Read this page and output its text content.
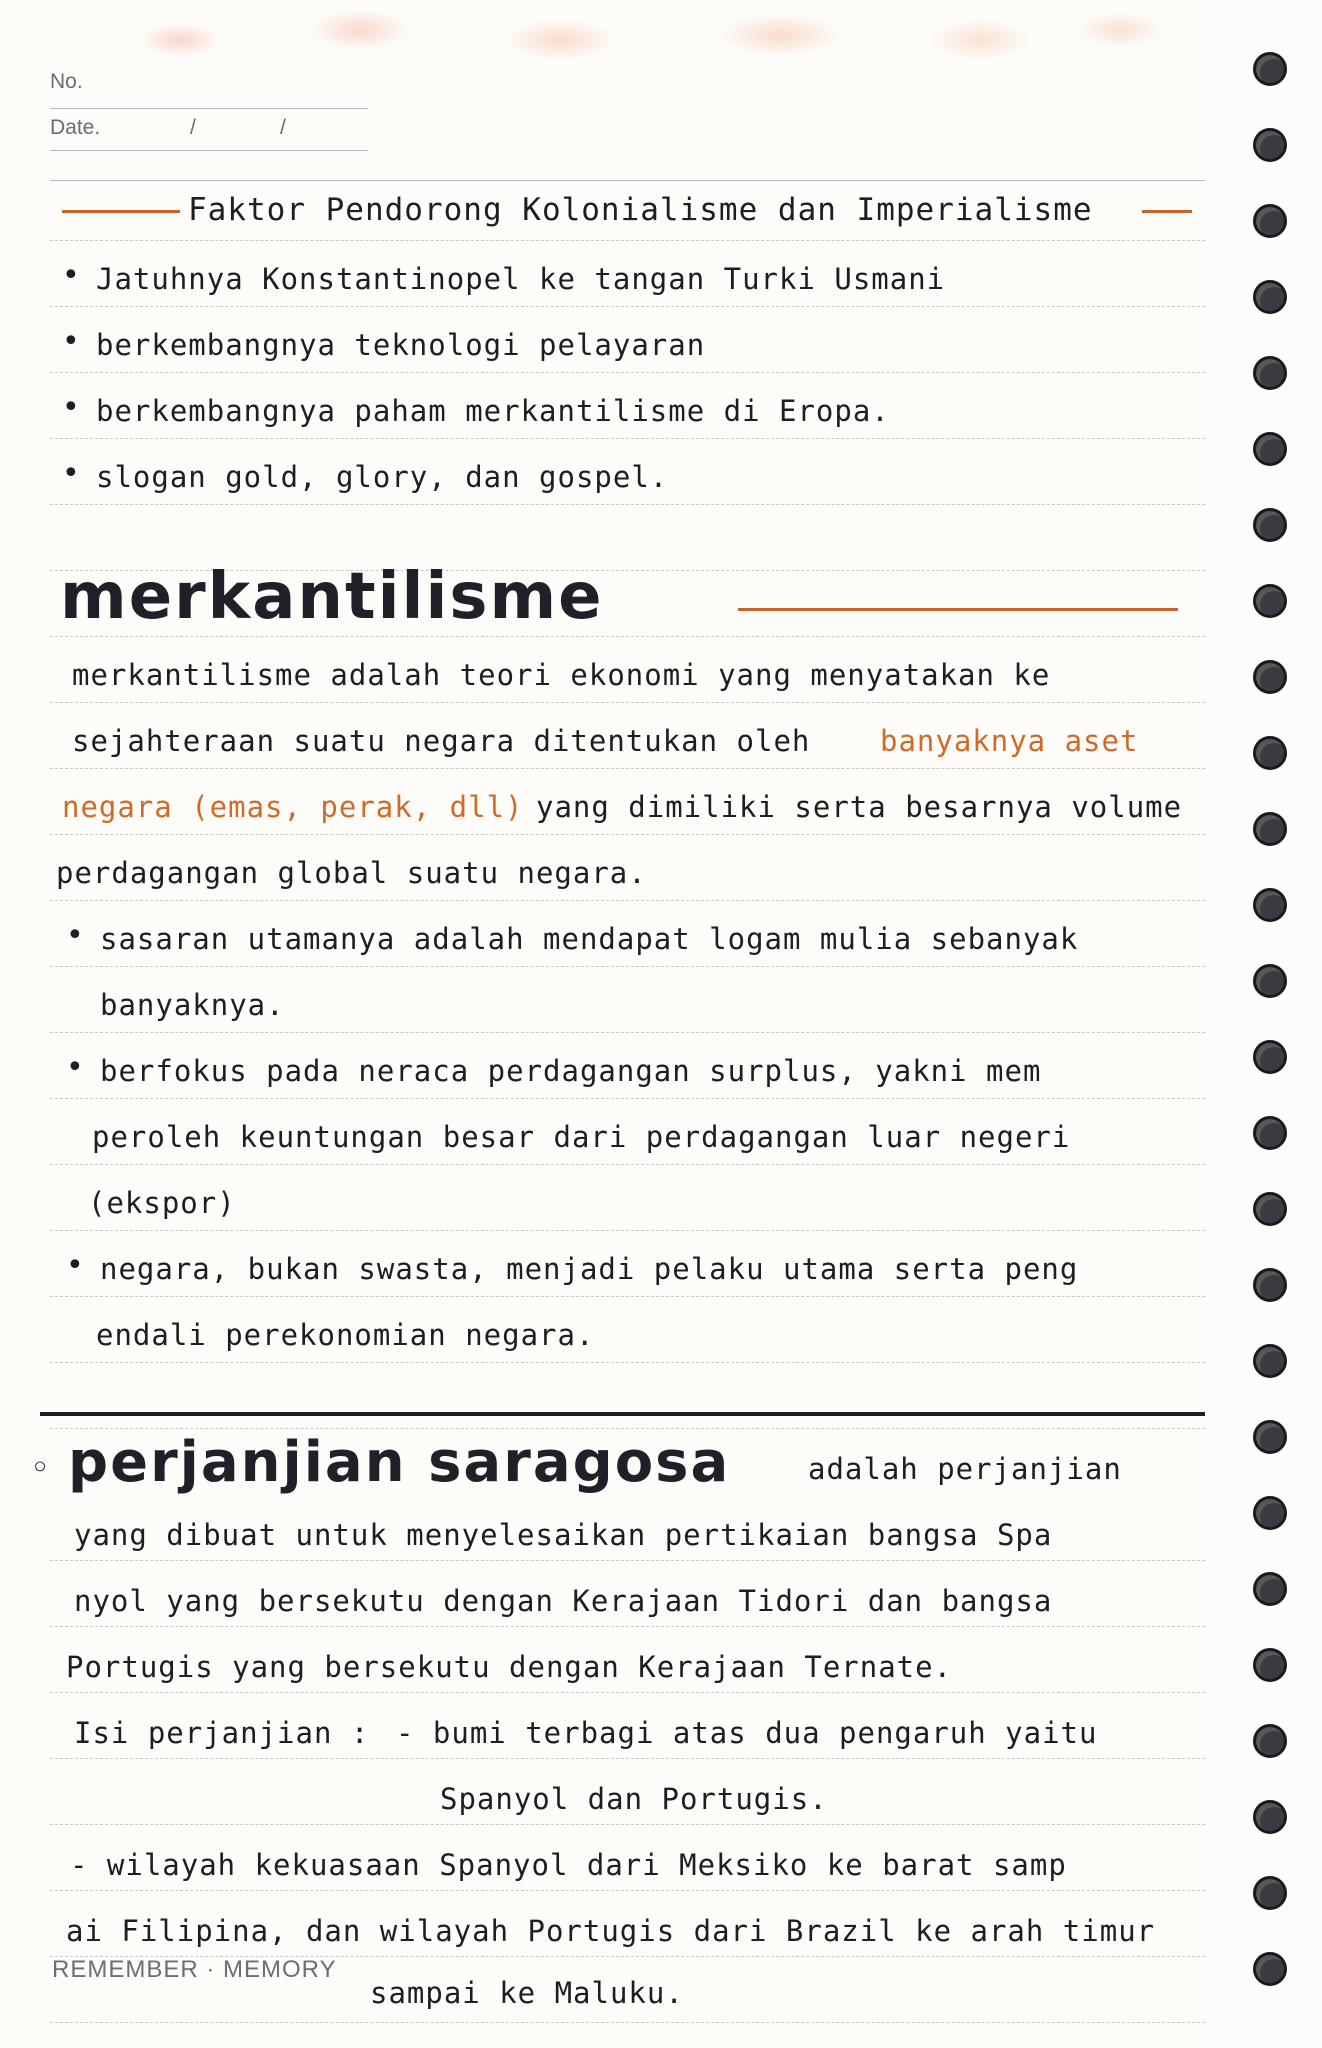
No.
Date.	/	/
Faktor Pendorong Kolonialisme dan Imperialisme
• Jatuhnya Konstantinopel ke tangan Turki Usmani
• berkembangnya teknologi pelayaran
• berkembangnya paham merkantilisme di Eropa.
• slogan gold, glory, dan gospel.
merkantilisme
merkantilisme adalah teori ekonomi yang menyatakan ke
sejahteraan suatu negara ditentukan oleh banyaknya aset
negara (emas, perak, dll) yang dimiliki serta besarnya volume
perdagangan global suatu negara.
• sasaran utamanya adalah mendapat logam mulia sebanyak
banyaknya.
• berfokus pada neraca perdagangan surplus, yakni mem
peroleh keuntungan besar dari perdagangan luar negeri
(ekspor)
• negara, bukan swasta, menjadi pelaku utama serta peng
endali perekonomian negara.
◦ perjanjian saragosa	adalah perjanjian
yang dibuat untuk menyelesaikan pertikaian bangsa Spa
nyol yang bersekutu dengan Kerajaan Tidori dan bangsa
Portugis yang bersekutu dengan Kerajaan Ternate.
Isi perjanjian : - bumi terbagi atas dua pengaruh yaitu
Spanyol dan Portugis.
- wilayah kekuasaan Spanyol dari Meksiko ke barat samp
ai Filipina, dan wilayah Portugis dari Brazil ke arah timur
sampai ke Maluku.
REMEMBER · MEMORY
